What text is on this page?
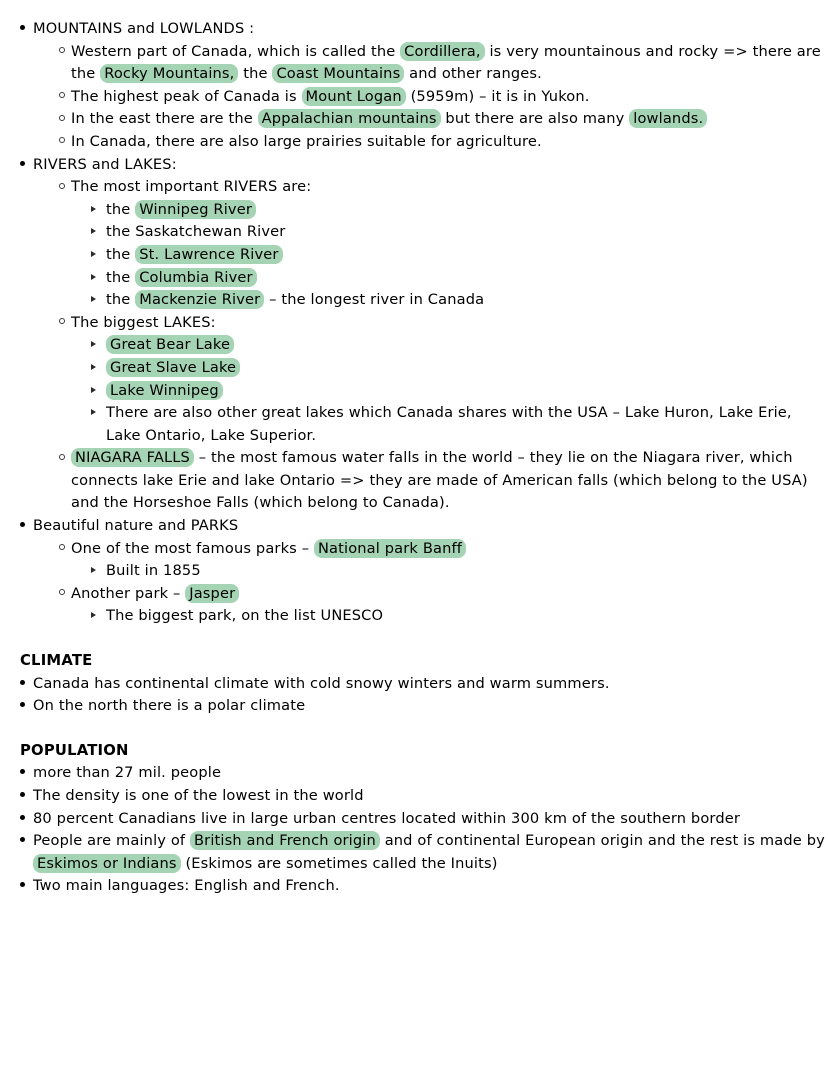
MOUNTAINS and LOWLANDS :
Western part of Canada, which is called the Cordillera, is very mountainous and rocky => there are the Rocky Mountains, the Coast Mountains and other ranges.
The highest peak of Canada is Mount Logan (5959m) – it is in Yukon.
In the east there are the Appalachian mountains but there are also many lowlands.
In Canada, there are also large prairies suitable for agriculture.
RIVERS and LAKES:
The most important RIVERS are:
the Winnipeg River
the Saskatchewan River
the St. Lawrence River
the Columbia River
the Mackenzie River – the longest river in Canada
The biggest LAKES:
Great Bear Lake
Great Slave Lake
Lake Winnipeg
There are also other great lakes which Canada shares with the USA – Lake Huron, Lake Erie, Lake Ontario, Lake Superior.
NIAGARA FALLS – the most famous water falls in the world – they lie on the Niagara river, which connects lake Erie and lake Ontario => they are made of American falls (which belong to the USA) and the Horseshoe Falls (which belong to Canada).
Beautiful nature and PARKS
One of the most famous parks – National park Banff
Built in 1855
Another park – Jasper
The biggest park, on the list UNESCO
CLIMATE
Canada has continental climate with cold snowy winters and warm summers.
On the north there is a polar climate
POPULATION
more than 27 mil. people
The density is one of the lowest in the world
80 percent Canadians live in large urban centres located within 300 km of the southern border
People are mainly of British and French origin and of continental European origin and the rest is made by Eskimos or Indians (Eskimos are sometimes called the Inuits)
Two main languages: English and French.
